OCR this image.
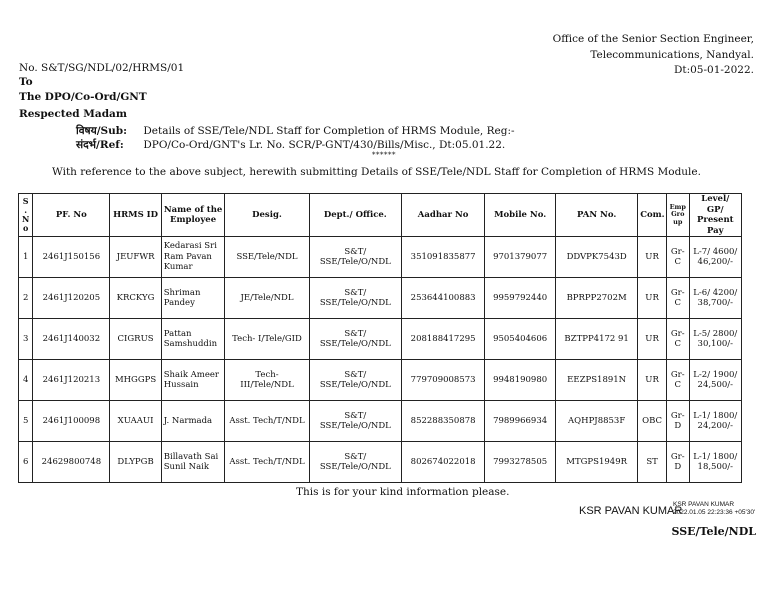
Office of the Senior Section Engineer,
Telecommunications, Nandyal.
Dt:05-01-2022.
No. S&T/SG/NDL/02/HRMS/01
To
The DPO/Co-Ord/GNT
Respected Madam
विषय/Sub: Details of SSE/Tele/NDL Staff for Completion of HRMS Module, Reg:-
संदर्भ/Ref: DPO/Co-Ord/GNT's Lr. No. SCR/P-GNT/430/Bills/Misc., Dt:05.01.22.
******
With reference to the above subject, herewith submitting Details of SSE/Tele/NDL Staff for Completion of HRMS Module.
S . N o	PF. No	HRMS ID	Name of the Employee	Desig.	Dept./ Office.	Aadhar No	Mobile No.	PAN No.	Com.	Emp Gro up	Level/ GP/ Present Pay
1	2461J150156	JEUFWR	Kedarasi Sri Ram Pavan Kumar	SSE/Tele/NDL	S&T/ SSE/Tele/O/NDL	351091835877	9701379077	DDVPK7543D	UR	Gr- C	L-7/ 4600/ 46,200/-
2	2461J120205	KRCKYG	Shriman Pandey	JE/Tele/NDL	S&T/ SSE/Tele/O/NDL	253644100883	9959792440	BPRPP2702M	UR	Gr- C	L-6/ 4200/ 38,700/-
3	2461J140032	CIGRUS	Pattan Samshuddin	Tech- I/Tele/GID	S&T/ SSE/Tele/O/NDL	208188417295	9505404606	BZTPP4172 91	UR	Gr- C	L-5/ 2800/ 30,100/-
4	2461J120213	MHGGPS	Shaik Ameer Hussain	Tech- III/Tele/NDL	S&T/ SSE/Tele/O/NDL	779709008573	9948190980	EEZPS1891N	UR	Gr- C	L-2/ 1900/ 24,500/-
5	2461J100098	XUAAUI	J. Narmada	Asst. Tech/T/NDL	S&T/ SSE/Tele/O/NDL	852288350878	7989966934	AQHPJ8853F	OBC	Gr- D	L-1/ 1800/ 24,200/-
6	24629800748	DLYPGB	Billavath Sai Sunil Naik	Asst. Tech/T/NDL	S&T/ SSE/Tele/O/NDL	802674022018	7993278505	MTGPS1949R	ST	Gr- D	L-1/ 1800/ 18,500/-
This is for your kind information please.
KSR PAVAN KUMAR
KSR PAVAN KUMAR
2022.01.05 22:23:36 +05'30'
SSE/Tele/NDL
